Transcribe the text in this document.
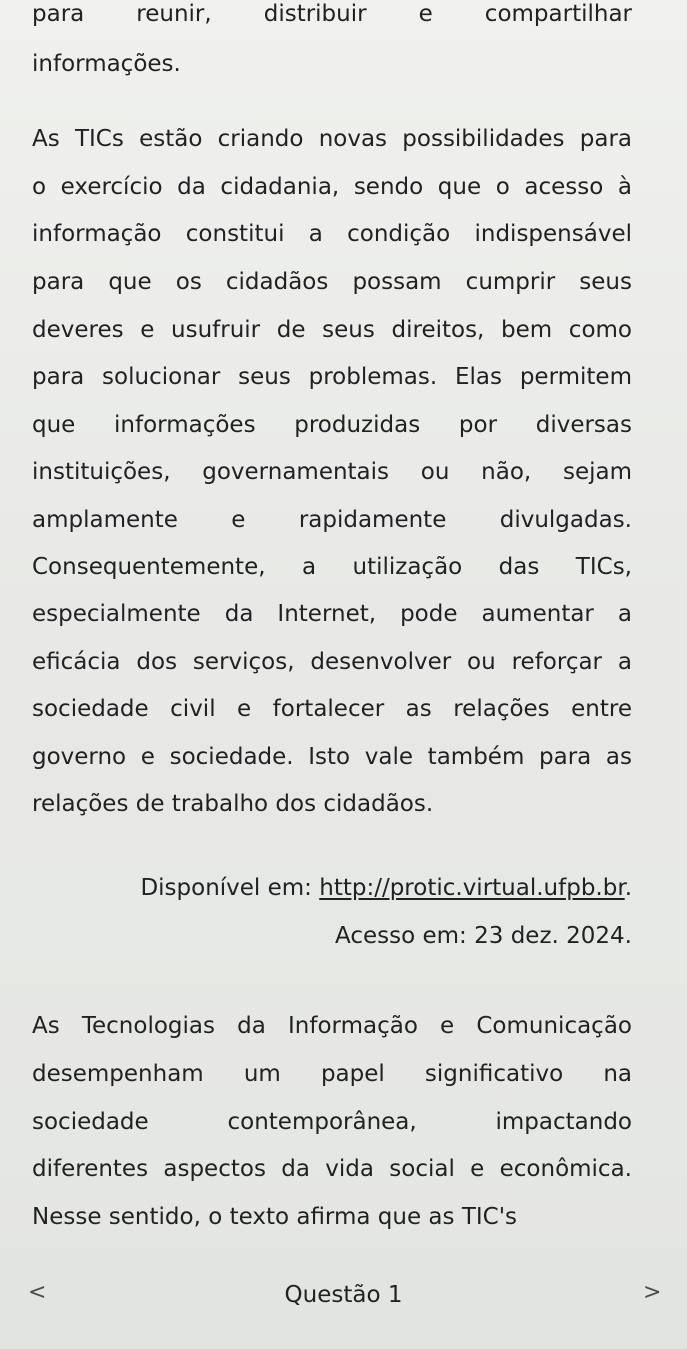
para reunir, distribuir e compartilhar
informações.
As TICs estão criando novas possibilidades para
o exercício da cidadania, sendo que o acesso à
informação constitui a condição indispensável
para que os cidadãos possam cumprir seus
deveres e usufruir de seus direitos, bem como
para solucionar seus problemas. Elas permitem
que informações produzidas por diversas
instituições, governamentais ou não, sejam
amplamente e rapidamente divulgadas.
Consequentemente, a utilização das TICs,
especialmente da Internet, pode aumentar a
eficácia dos serviços, desenvolver ou reforçar a
sociedade civil e fortalecer as relações entre
governo e sociedade. Isto vale também para as
relações de trabalho dos cidadãos.
Disponível em: http://protic.virtual.ufpb.br.
Acesso em: 23 dez. 2024.
As Tecnologias da Informação e Comunicação
desempenham um papel significativo na
sociedade contemporânea, impactando
diferentes aspectos da vida social e econômica.
Nesse sentido, o texto afirma que as TIC's
<	Questão 1	>
